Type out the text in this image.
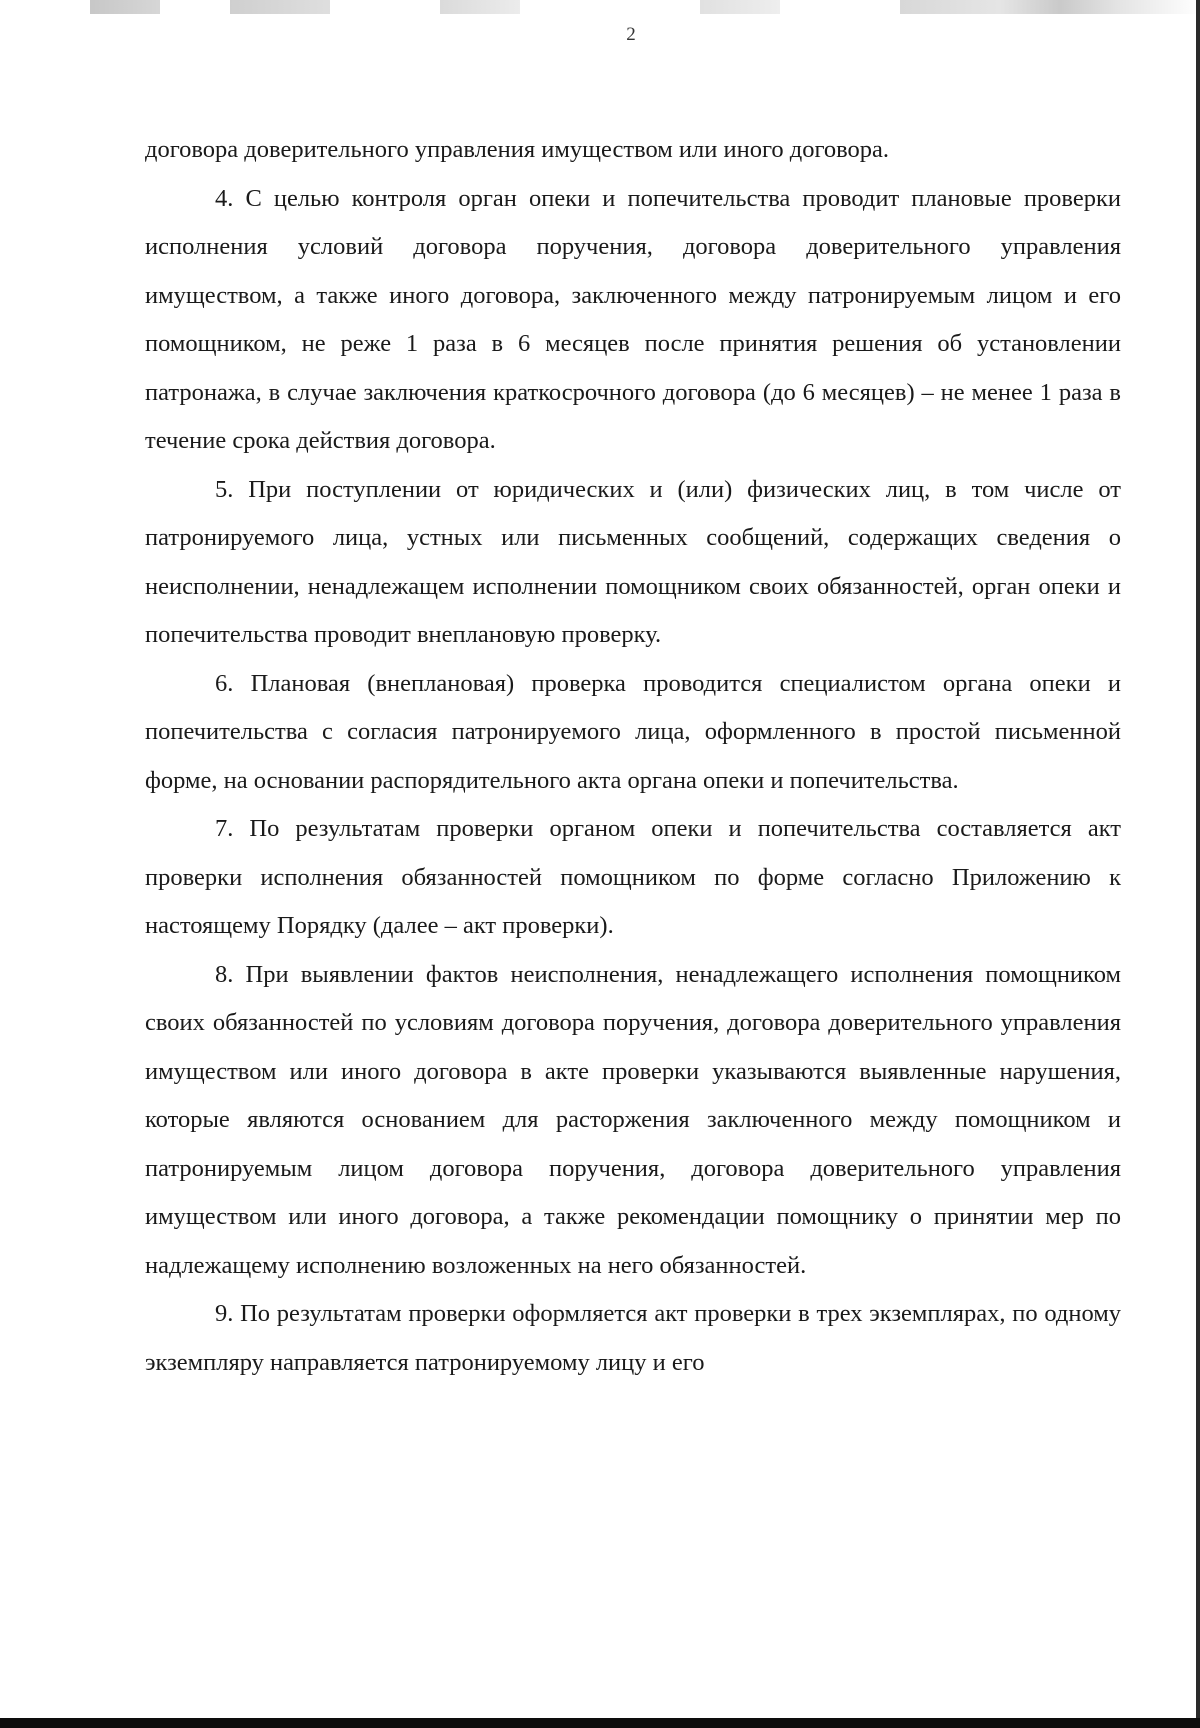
2

договора доверительного управления имуществом или иного договора.

4. С целью контроля орган опеки и попечительства проводит плановые проверки исполнения условий договора поручения, договора доверительного управления имуществом, а также иного договора, заключенного между патронируемым лицом и его помощником, не реже 1 раза в 6 месяцев после принятия решения об установлении патронажа, в случае заключения краткосрочного договора (до 6 месяцев) – не менее 1 раза в течение срока действия договора.

5. При поступлении от юридических и (или) физических лиц, в том числе от патронируемого лица, устных или письменных сообщений, содержащих сведения о неисполнении, ненадлежащем исполнении помощником своих обязанностей, орган опеки и попечительства проводит внеплановую проверку.

6. Плановая (внеплановая) проверка проводится специалистом органа опеки и попечительства с согласия патронируемого лица, оформленного в простой письменной форме, на основании распорядительного акта органа опеки и попечительства.

7. По результатам проверки органом опеки и попечительства составляется акт проверки исполнения обязанностей помощником по форме согласно Приложению к настоящему Порядку (далее – акт проверки).

8. При выявлении фактов неисполнения, ненадлежащего исполнения помощником своих обязанностей по условиям договора поручения, договора доверительного управления имуществом или иного договора в акте проверки указываются выявленные нарушения, которые являются основанием для расторжения заключенного между помощником и патронируемым лицом договора поручения, договора доверительного управления имуществом или иного договора, а также рекомендации помощнику о принятии мер по надлежащему исполнению возложенных на него обязанностей.

9. По результатам проверки оформляется акт проверки в трех экземплярах, по одному экземпляру направляется патронируемому лицу и его
